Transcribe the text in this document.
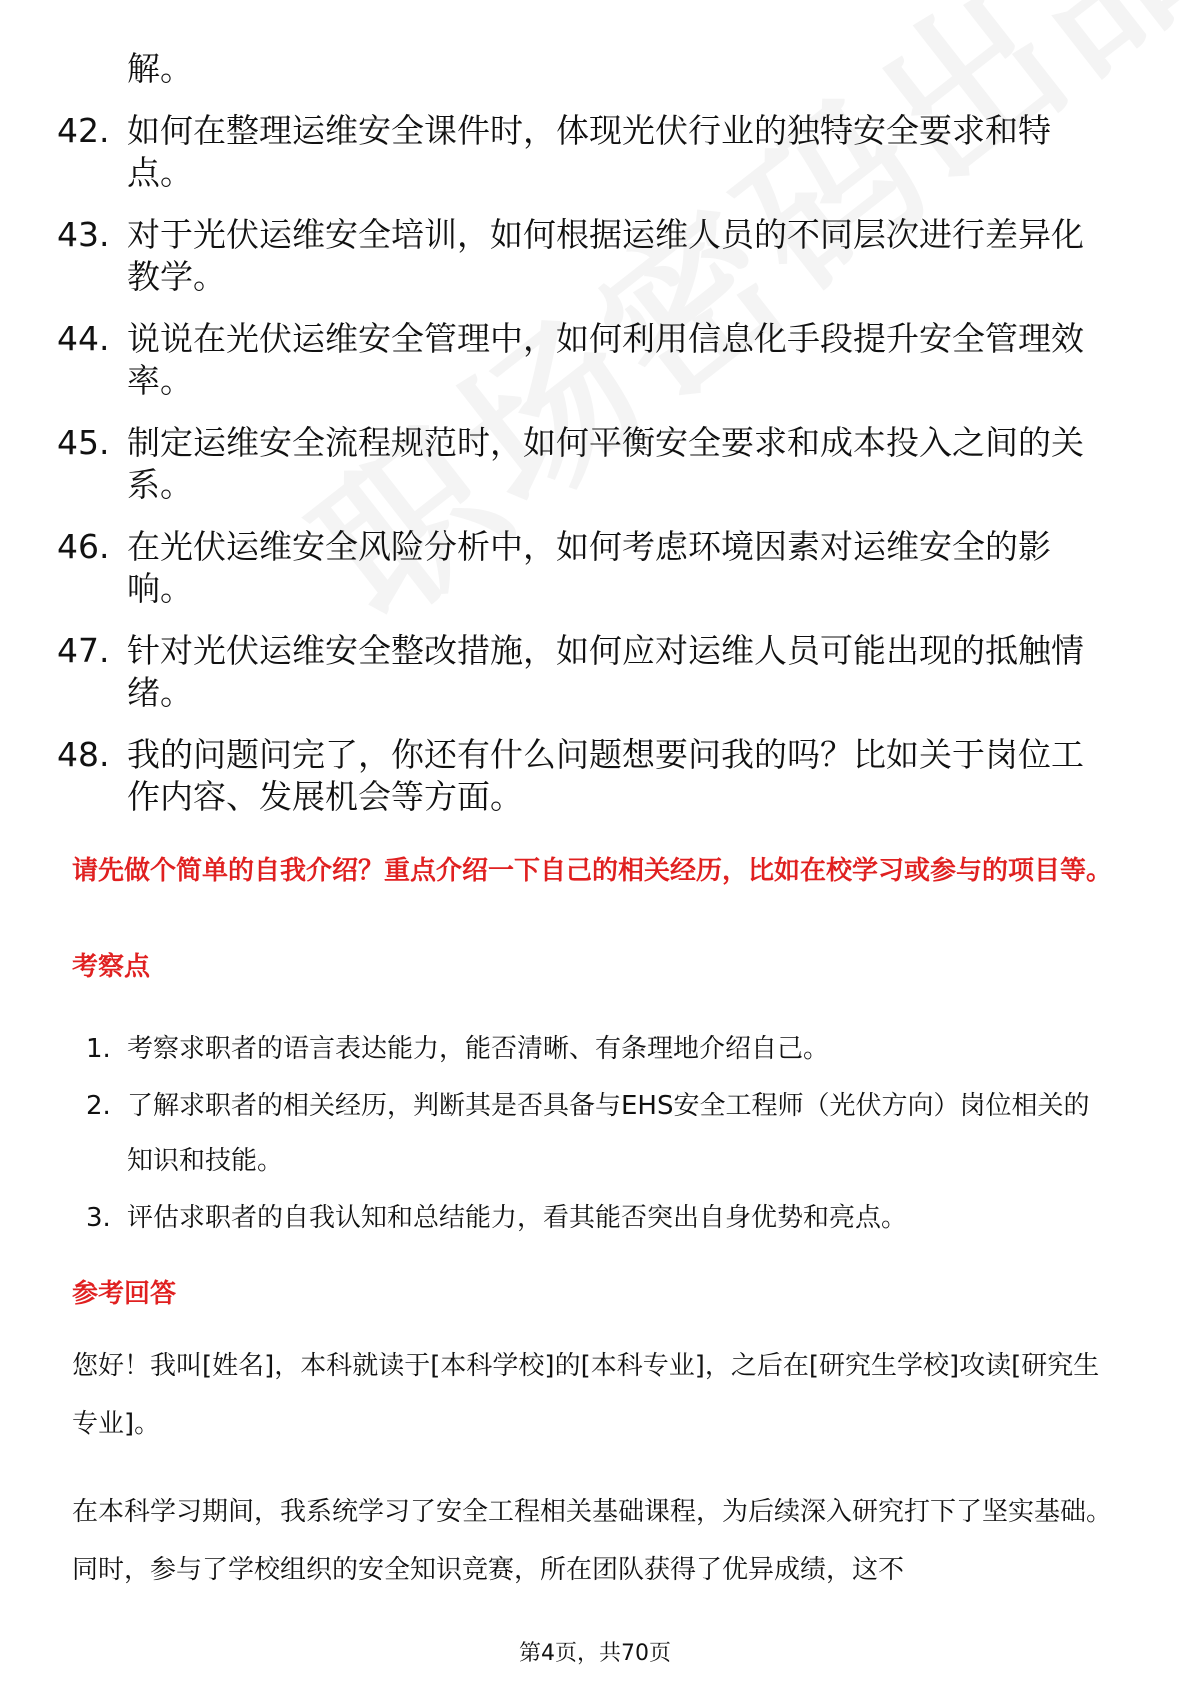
解。
42. 如何在整理运维安全课件时，体现光伏行业的独特安全要求和特点。
43. 对于光伏运维安全培训，如何根据运维人员的不同层次进行差异化教学。
44. 说说在光伏运维安全管理中，如何利用信息化手段提升安全管理效率。
45. 制定运维安全流程规范时，如何平衡安全要求和成本投入之间的关系。
46. 在光伏运维安全风险分析中，如何考虑环境因素对运维安全的影响。
47. 针对光伏运维安全整改措施，如何应对运维人员可能出现的抵触情绪。
48. 我的问题问完了，你还有什么问题想要问我的吗？比如关于岗位工作内容、发展机会等方面。
请先做个简单的自我介绍？重点介绍一下自己的相关经历，比如在校学习或参与的项目等。
考察点
1. 考察求职者的语言表达能力，能否清晰、有条理地介绍自己。
2. 了解求职者的相关经历，判断其是否具备与EHS安全工程师（光伏方向）岗位相关的知识和技能。
3. 评估求职者的自我认知和总结能力，看其能否突出自身优势和亮点。
参考回答
您好！我叫[姓名]，本科就读于[本科学校]的[本科专业]，之后在[研究生学校]攻读[研究生专业]。
在本科学习期间，我系统学习了安全工程相关基础课程，为后续深入研究打下了坚实基础。同时，参与了学校组织的安全知识竞赛，所在团队获得了优异成绩，这不
第4页，共70页
